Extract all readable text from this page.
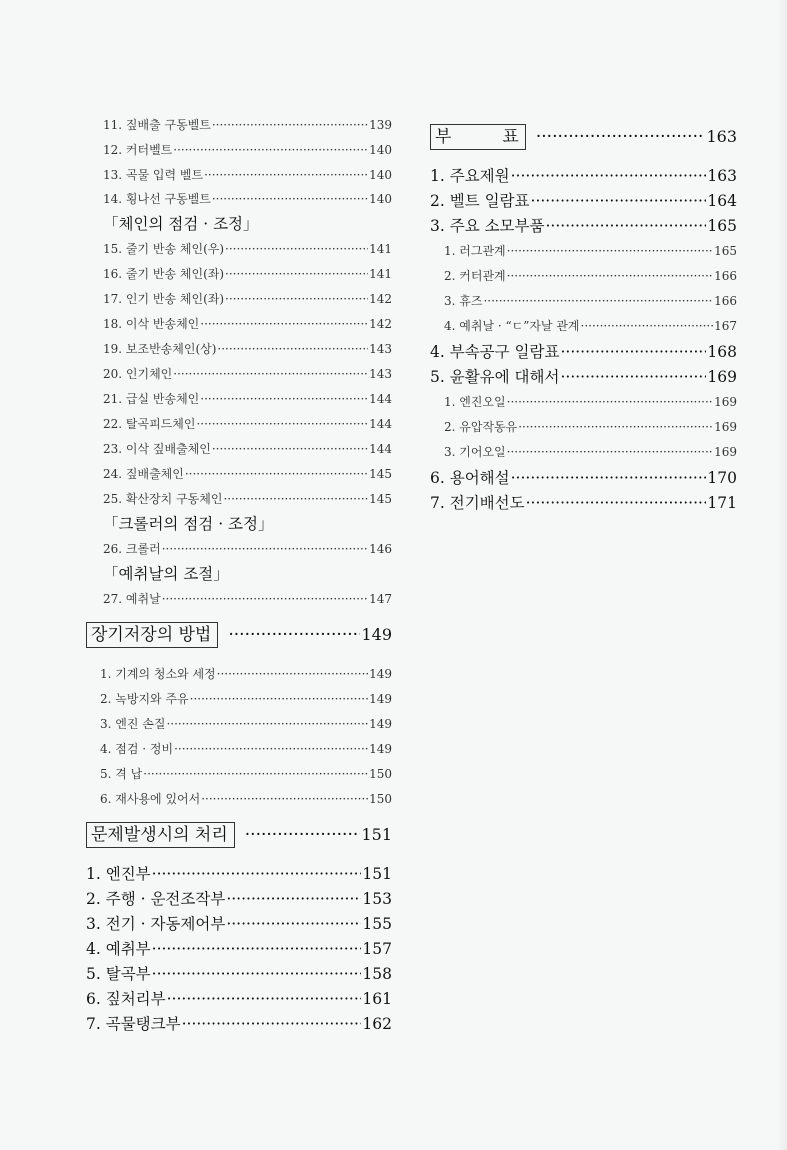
11. 짚배출 구동벨트 ·····	139
12. 커터벨트 ·····	140
13. 곡물 입력 벨트 ·····	140
14. 횡나선 구동벨트 ·····	140
「체인의 점검 · 조정」
15. 줄기 반송 체인(우) ·····	141
16. 줄기 반송 체인(좌) ·····	141
17. 인기 반송 체인(좌) ·····	142
18. 이삭 반송체인 ·····	142
19. 보조반송체인(상) ·····	143
20. 인기체인 ·····	143
21. 급실 반송체인 ·····	144
22. 탈곡피드체인 ·····	144
23. 이삭 짚배출체인 ·····	144
24. 짚배출체인 ·····	145
25. 확산장치 구동체인 ·····	145
「크롤러의 점검 · 조정」
26. 크롤러 ·····	146
「예취날의 조절」
27. 예취날 ·····	147
장기저장의 방법 ·····	149
1. 기계의 청소와 세정 ·····	149
2. 녹방지와 주유 ·····	149
3. 엔진 손질 ·····	149
4. 점검 · 정비 ·····	149
5. 격 납 ·····	150
6. 재사용에 있어서 ·····	150
문제발생시의 처리 ·····	151
1. 엔진부 ·····	151
2. 주행 · 운전조작부 ·····	153
3. 전기 · 자동제어부 ·····	155
4. 예취부 ·····	157
5. 탈곡부 ·····	158
6. 짚처리부 ·····	161
7. 곡물탱크부 ·····	162
부　　　표 ·····	163
1. 주요제원 ·····	163
2. 벨트 일람표 ·····	164
3. 주요 소모부품 ·····	165
1. 러그관계 ·····	165
2. 커터관계 ·····	166
3. 휴즈 ·····	166
4. 예취날 · “ㄷ”자날 관계 ·····	167
4. 부속공구 일람표 ·····	168
5. 윤활유에 대해서 ·····	169
1. 엔진오일 ·····	169
2. 유압작동유 ·····	169
3. 기어오일 ·····	169
6. 용어해설 ·····	170
7. 전기배선도 ·····	171
